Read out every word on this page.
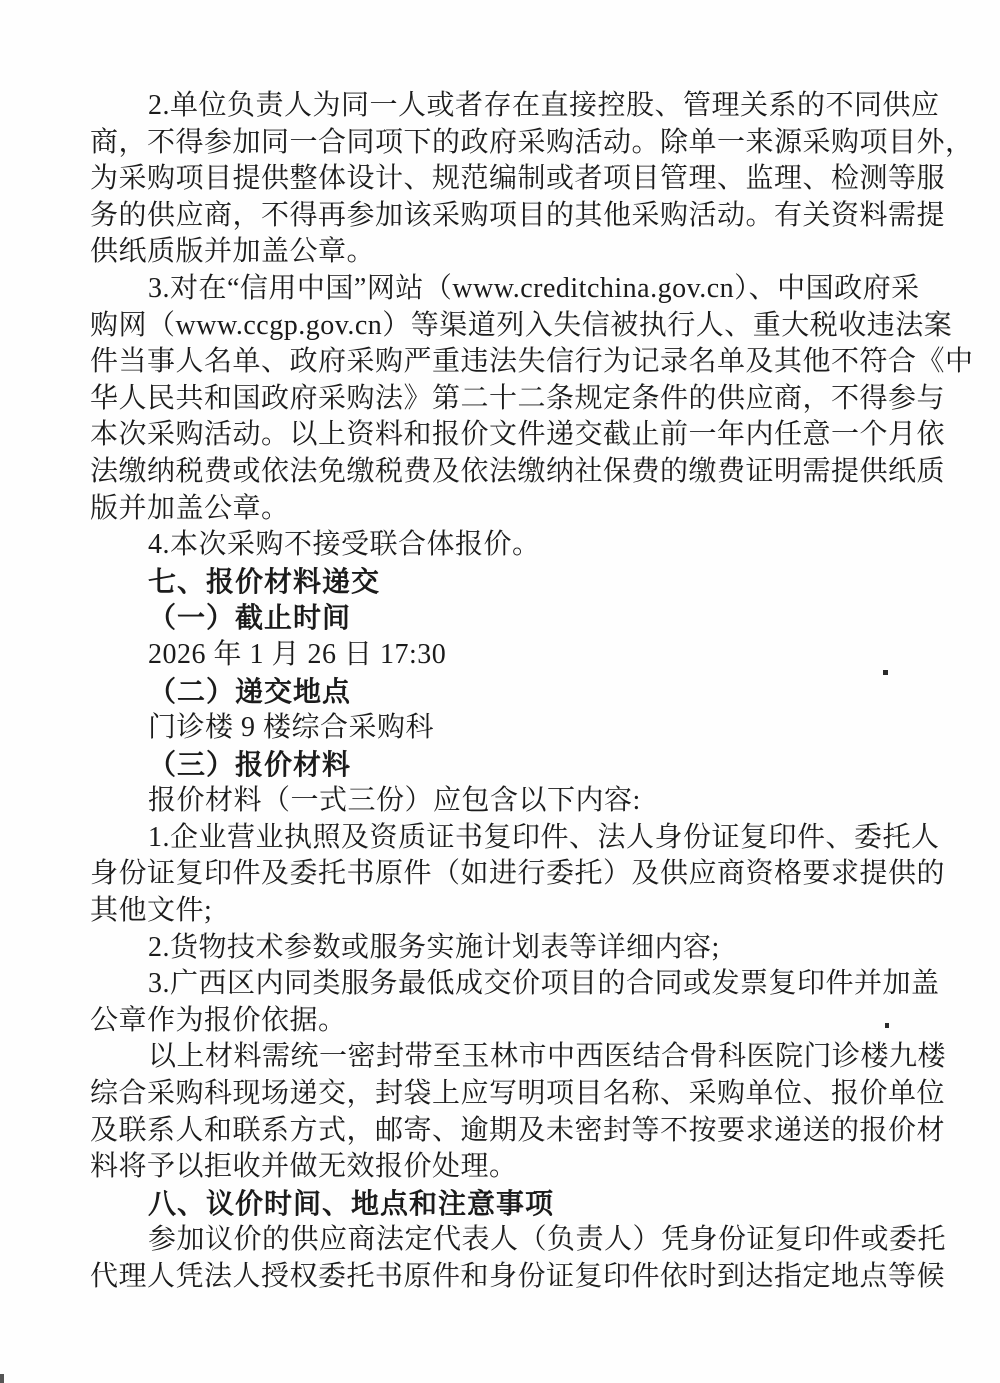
2.单位负责人为同一人或者存在直接控股、管理关系的不同供应
商，不得参加同一合同项下的政府采购活动。除单一来源采购项目外，
为采购项目提供整体设计、规范编制或者项目管理、监理、检测等服
务的供应商，不得再参加该采购项目的其他采购活动。有关资料需提
供纸质版并加盖公章。
3.对在“信用中国”网站（www.creditchina.gov.cn）、中国政府采
购网（www.ccgp.gov.cn）等渠道列入失信被执行人、重大税收违法案
件当事人名单、政府采购严重违法失信行为记录名单及其他不符合《中
华人民共和国政府采购法》第二十二条规定条件的供应商，不得参与
本次采购活动。以上资料和报价文件递交截止前一年内任意一个月依
法缴纳税费或依法免缴税费及依法缴纳社保费的缴费证明需提供纸质
版并加盖公章。
4.本次采购不接受联合体报价。
七、报价材料递交
（一）截止时间
2026 年 1 月 26 日 17:30
（二）递交地点
门诊楼 9 楼综合采购科
（三）报价材料
报价材料（一式三份）应包含以下内容:
1.企业营业执照及资质证书复印件、法人身份证复印件、委托人
身份证复印件及委托书原件（如进行委托）及供应商资格要求提供的
其他文件;
2.货物技术参数或服务实施计划表等详细内容;
3.广西区内同类服务最低成交价项目的合同或发票复印件并加盖
公章作为报价依据。
以上材料需统一密封带至玉林市中西医结合骨科医院门诊楼九楼
综合采购科现场递交，封袋上应写明项目名称、采购单位、报价单位
及联系人和联系方式，邮寄、逾期及未密封等不按要求递送的报价材
料将予以拒收并做无效报价处理。
八、议价时间、地点和注意事项
参加议价的供应商法定代表人（负责人）凭身份证复印件或委托
代理人凭法人授权委托书原件和身份证复印件依时到达指定地点等候
